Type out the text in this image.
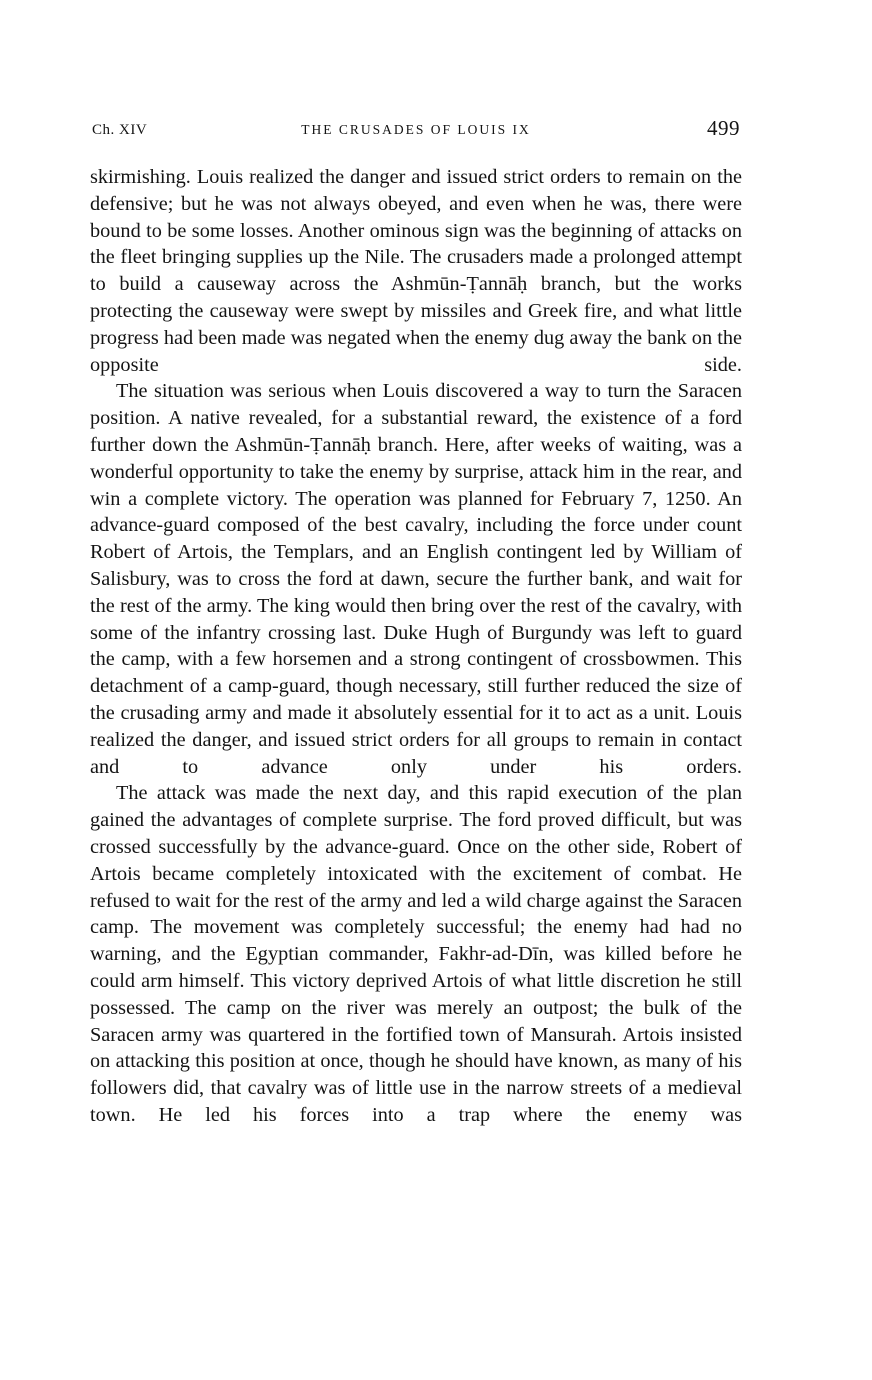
Ch. XIV	THE CRUSADES OF LOUIS IX	499

skirmishing. Louis realized the danger and issued strict orders to remain on the defensive; but he was not always obeyed, and even when he was, there were bound to be some losses. Another ominous sign was the beginning of attacks on the fleet bringing supplies up the Nile. The crusaders made a prolonged attempt to build a causeway across the Ashmūn-Ṭannāḥ branch, but the works protecting the causeway were swept by missiles and Greek fire, and what little progress had been made was negated when the enemy dug away the bank on the opposite side.

The situation was serious when Louis discovered a way to turn the Saracen position. A native revealed, for a substantial reward, the existence of a ford further down the Ashmūn-Ṭannāḥ branch. Here, after weeks of waiting, was a wonderful opportunity to take the enemy by surprise, attack him in the rear, and win a complete victory. The operation was planned for February 7, 1250. An advance-guard composed of the best cavalry, including the force under count Robert of Artois, the Templars, and an English contingent led by William of Salisbury, was to cross the ford at dawn, secure the further bank, and wait for the rest of the army. The king would then bring over the rest of the cavalry, with some of the infantry crossing last. Duke Hugh of Burgundy was left to guard the camp, with a few horsemen and a strong contingent of crossbowmen. This detachment of a camp-guard, though necessary, still further reduced the size of the crusading army and made it absolutely essential for it to act as a unit. Louis realized the danger, and issued strict orders for all groups to remain in contact and to advance only under his orders.

The attack was made the next day, and this rapid execution of the plan gained the advantages of complete surprise. The ford proved difficult, but was crossed successfully by the advance-guard. Once on the other side, Robert of Artois became completely intoxicated with the excitement of combat. He refused to wait for the rest of the army and led a wild charge against the Saracen camp. The movement was completely successful; the enemy had had no warning, and the Egyptian commander, Fakhr-ad-Dīn, was killed before he could arm himself. This victory deprived Artois of what little discretion he still possessed. The camp on the river was merely an outpost; the bulk of the Saracen army was quartered in the fortified town of Mansurah. Artois insisted on attacking this position at once, though he should have known, as many of his followers did, that cavalry was of little use in the narrow streets of a medieval town. He led his forces into a trap where the enemy was
